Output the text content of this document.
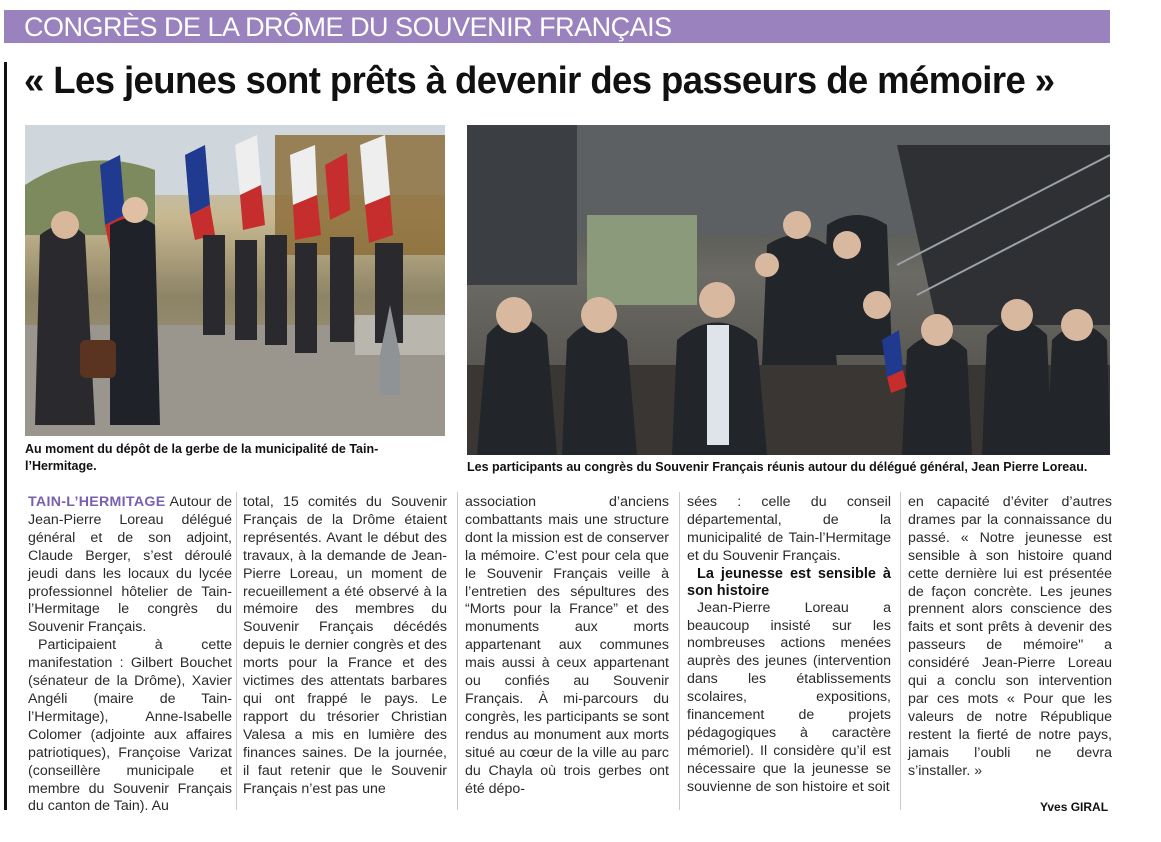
CONGRÈS DE LA DRÔME DU SOUVENIR FRANÇAIS
« Les jeunes sont prêts à devenir des passeurs de mémoire »
Au moment du dépôt de la gerbe de la municipalité de Tain-l’Hermitage.	Les participants au congrès du Souvenir Français réunis autour du délégué général, Jean Pierre Loreau.

TAIN-L’HERMITAGE Autour de Jean-Pierre Loreau délégué général et de son adjoint, Claude Berger, s’est déroulé jeudi dans les locaux du lycée professionnel hôtelier de Tain-l’Hermitage le congrès du Souvenir Français.

Participaient à cette manifestation : Gilbert Bouchet (sénateur de la Drôme), Xavier Angéli (maire de Tain-l’Hermitage), Anne-Isabelle Colomer (adjointe aux affaires patriotiques), Françoise Varizat (conseillère municipale et membre du Souvenir Français du canton de Tain). Au

total, 15 comités du Souvenir Français de la Drôme étaient représentés. Avant le début des travaux, à la demande de Jean-Pierre Loreau, un moment de recueillement a été observé à la mémoire des membres du Souvenir Français décédés depuis le dernier congrès et des morts pour la France et des victimes des attentats barbares qui ont frappé le pays. Le rapport du trésorier Christian Valesa a mis en lumière des finances saines. De la journée, il faut retenir que le Souvenir Français n’est pas une

association d’anciens combattants mais une structure dont la mission est de conserver la mémoire. C’est pour cela que le Souvenir Français veille à l’entretien des sépultures des “Morts pour la France” et des monuments aux morts appartenant aux communes mais aussi à ceux appartenant ou confiés au Souvenir Français. À mi-parcours du congrès, les participants se sont rendus au monument aux morts situé au cœur de la ville au parc du Chayla où trois gerbes ont été dépo-

sées : celle du conseil départemental, de la municipalité de Tain-l’Hermitage et du Souvenir Français.

La jeunesse est sensible à son histoire

Jean-Pierre Loreau a beaucoup insisté sur les nombreuses actions menées auprès des jeunes (intervention dans les établissements scolaires, expositions, financement de projets pédagogiques à caractère mémoriel). Il considère qu’il est nécessaire que la jeunesse se souvienne de son histoire et soit

en capacité d’éviter d’autres drames par la connaissance du passé. « Notre jeunesse est sensible à son histoire quand cette dernière lui est présentée de façon concrète. Les jeunes prennent alors conscience des faits et sont prêts à devenir des passeurs de mémoire" a considéré Jean-Pierre Loreau qui a conclu son intervention par ces mots « Pour que les valeurs de notre République restent la fierté de notre pays, jamais l’oubli ne devra s’installer. »

Yves GIRAL
